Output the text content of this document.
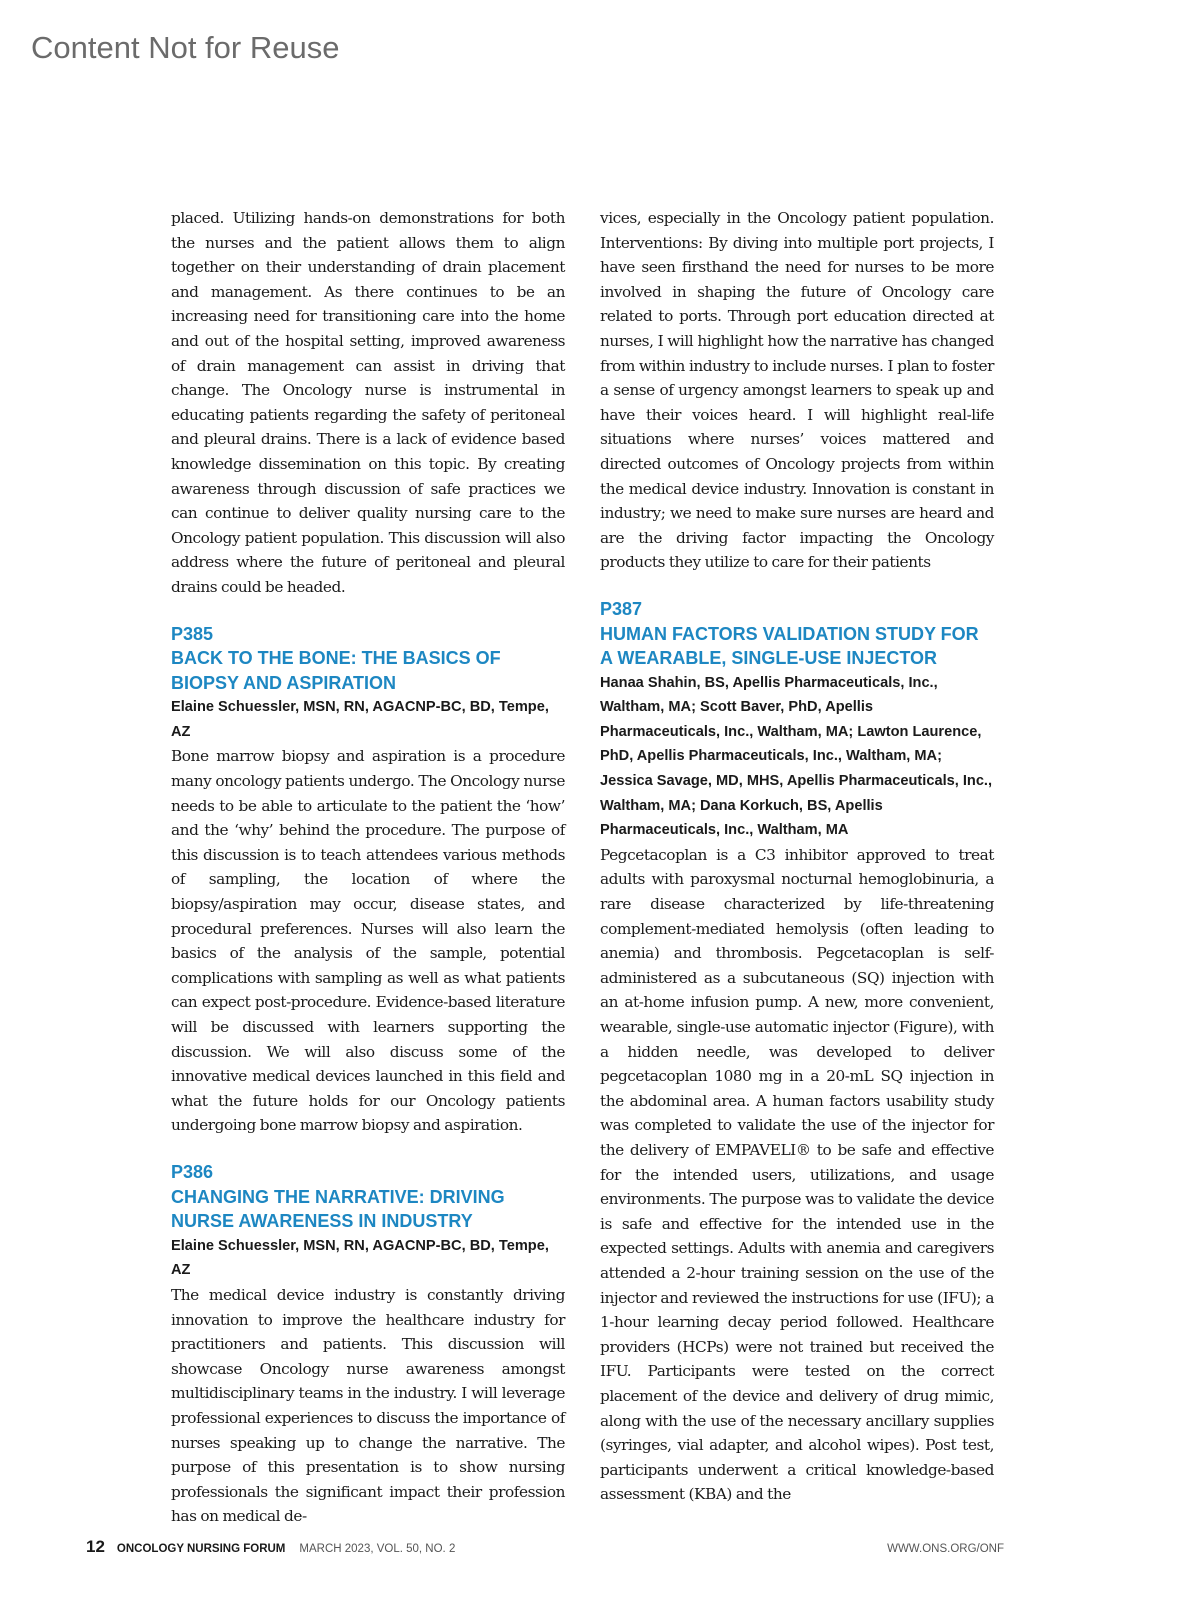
Content Not for Reuse

placed. Utilizing hands-on demonstrations for both the nurses and the patient allows them to align together on their understanding of drain placement and management. As there continues to be an increasing need for transitioning care into the home and out of the hospital setting, improved awareness of drain management can assist in driving that change. The Oncology nurse is instrumental in educating patients regarding the safety of peritoneal and pleural drains. There is a lack of evidence based knowledge dissemination on this topic. By creating awareness through discussion of safe practices we can continue to deliver quality nursing care to the Oncology patient population. This discussion will also address where the future of peritoneal and pleural drains could be headed.

P385

BACK TO THE BONE: THE BASICS OF BIOPSY AND ASPIRATION

Elaine Schuessler, MSN, RN, AGACNP-BC, BD, Tempe, AZ

Bone marrow biopsy and aspiration is a procedure many oncology patients undergo. The Oncology nurse needs to be able to articulate to the patient the ‘how’ and the ‘why’ behind the procedure. The purpose of this discussion is to teach attendees various methods of sampling, the location of where the biopsy/aspiration may occur, disease states, and procedural preferences. Nurses will also learn the basics of the analysis of the sample, potential complications with sampling as well as what patients can expect post-procedure. Evidence-based literature will be discussed with learners supporting the discussion. We will also discuss some of the innovative medical devices launched in this field and what the future holds for our Oncology patients undergoing bone marrow biopsy and aspiration.

P386

CHANGING THE NARRATIVE: DRIVING NURSE AWARENESS IN INDUSTRY

Elaine Schuessler, MSN, RN, AGACNP-BC, BD, Tempe, AZ

The medical device industry is constantly driving innovation to improve the healthcare industry for practitioners and patients. This discussion will showcase Oncology nurse awareness amongst multidisciplinary teams in the industry. I will leverage professional experiences to discuss the importance of nurses speaking up to change the narrative. The purpose of this presentation is to show nursing professionals the significant impact their profession has on medical de-

vices, especially in the Oncology patient population. Interventions: By diving into multiple port projects, I have seen firsthand the need for nurses to be more involved in shaping the future of Oncology care related to ports. Through port education directed at nurses, I will highlight how the narrative has changed from within industry to include nurses. I plan to foster a sense of urgency amongst learners to speak up and have their voices heard. I will highlight real-life situations where nurses’ voices mattered and directed outcomes of Oncology projects from within the medical device industry. Innovation is constant in industry; we need to make sure nurses are heard and are the driving factor impacting the Oncology products they utilize to care for their patients

P387

HUMAN FACTORS VALIDATION STUDY FOR A WEARABLE, SINGLE-USE INJECTOR

Hanaa Shahin, BS, Apellis Pharmaceuticals, Inc., Waltham, MA; Scott Baver, PhD, Apellis Pharmaceuticals, Inc., Waltham, MA; Lawton Laurence, PhD, Apellis Pharmaceuticals, Inc., Waltham, MA; Jessica Savage, MD, MHS, Apellis Pharmaceuticals, Inc., Waltham, MA; Dana Korkuch, BS, Apellis Pharmaceuticals, Inc., Waltham, MA

Pegcetacoplan is a C3 inhibitor approved to treat adults with paroxysmal nocturnal hemoglobinuria, a rare disease characterized by life-threatening complement-mediated hemolysis (often leading to anemia) and thrombosis. Pegcetacoplan is self-administered as a subcutaneous (SQ) injection with an at-home infusion pump. A new, more convenient, wearable, single-use automatic injector (Figure), with a hidden needle, was developed to deliver pegcetacoplan 1080 mg in a 20-mL SQ injection in the abdominal area. A human factors usability study was completed to validate the use of the injector for the delivery of EMPAVELI® to be safe and effective for the intended users, utilizations, and usage environments. The purpose was to validate the device is safe and effective for the intended use in the expected settings. Adults with anemia and caregivers attended a 2-hour training session on the use of the injector and reviewed the instructions for use (IFU); a 1-hour learning decay period followed. Healthcare providers (HCPs) were not trained but received the IFU. Participants were tested on the correct placement of the device and delivery of drug mimic, along with the use of the necessary ancillary supplies (syringes, vial adapter, and alcohol wipes). Post test, participants underwent a critical knowledge-based assessment (KBA) and the

12 ONCOLOGY NURSING FORUM MARCH 2023, VOL. 50, NO. 2	WWW.ONS.ORG/ONF
